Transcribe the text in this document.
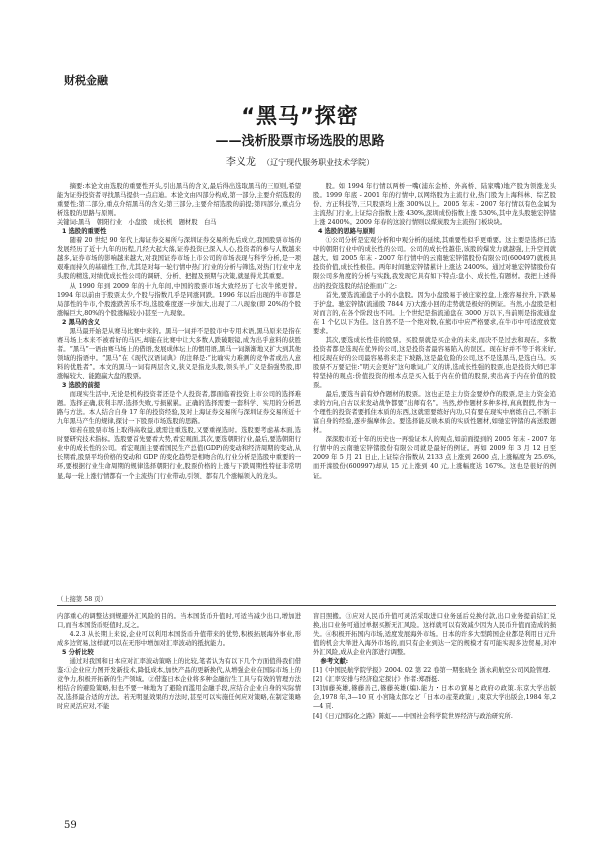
财税金融
“黑马”探密
——浅析股票市场选股的思路
李义龙 （辽宁现代服务职业技术学院）

摘要:本论文由选股的重要性开头,引出黑马的含义,最后得出选取黑马的三原则,希望能为证券投资者寻找黑马提供一点启迪。本论文由四部分构成,第一部分,主要介绍选股的重要性;第二部分,重点介绍黑马的含义;第三部分,主要介绍选股的前提;第四部分,重点分析选股的思路与原则。

关键词:黑马　朝阳行业　小盘股　成长机　题材股　白马

1 选股的重要性

随着 20 世纪 90 年代上海证券交易所与深圳证券交易所先后成立,我国股票市场的发展经历了近十九年的历程,几经大起大落,证券投资已深入人心,投资者的参与人数越来越多,证券市场的影响越来越大,对我国证券市场上市公司的市场表现与科学分析,是一项艰难而持久的基础性工作,尤其是对每一轮行情中热门行业的分析与筛选,对热门行业中龙头股的精选,对绩优成长性公司的调研、分析、把握及预期与决策,就显得尤其重要。

从 1990 年到 2009 年的十九年间,中国的股票市场大致经历了七次牛熊更替。1994 年以前由于股票太少,个股与指数几乎是同涨同跌。1996 年以后出现的牛市都是局部性的牛市,个股涨跌苦乐不均,选股难度逐一步加大,出现了二八现象(即 20%的个股涨幅巨大,80%的个股涨幅较小)甚至一九现象。

2 黑马的含义

黑马最开始是从赛马比赛中来的。黑马一词并不是股市中专用术语,黑马原来是指在赛马场上本来不被看好的马匹,却能在比赛中让大多数人跌破眼镜,成为出乎意料的获胜者。“黑马”一语由赛马场上的借语,发展成体坛上的惯用语,黑马一词渐渐地又扩大到其他领域的指语中。“黑马”在《现代汉语词典》的注释是:“比喻实力难测的竞争者或出人意料的优胜者”。本文的黑马一词有两层含义,狭义是指龙头股,领头羊,广义是指强势股,即涨幅较大、能跑赢大盘的股票。

3 选股的前提

而现实生活中,无论是机构投资者还是个人投资者,都面临着投资上市公司的选择难题。选择正确,获利丰厚;选择失败,亏损累累。正确的选择需要一套科学、实用的分析思路与方法。本人结合自身 17 年的投资经验,及对上海证券交易所与深圳证券交易所近十九年黑马产生的规律,探讨一下股票市场选股的思路。

如若在股票市场上取得高收益,就需注重选股,又要重视选时。选股要考虑基本面,选时要研究技术指标。选股要首先要看大势,看宏观面,其次,要选朝阳行业,最后,要选朝阳行业中的成长性的公司。看宏观面主要看国民生产总值(GDP)的变动和经济周期的变动,从长期看,股票平均价格的变动和 GDP 的变化趋势是相吻合的,行业分析是选股中重要的一环,要根据行业生命周期的规律选择朝阳行业,股票价格的上涨与下跌周期性特征非常明显,每一轮上涨行情都有一个主流热门行业带动,引领、都有几个涨幅领入的龙头。

股。如 1994 年行情以两桥一嘴(浦东金桥、外高桥、陆家嘴)地产股为领涨龙头股。1999 年底 - 2001 年的行情中,以网络股为主流行业,热门股为上海科林、综艺股份、方正科技等,三只股票均上涨 300%以上。2005 年末 - 2007 年行情以有色金属为主流热门行业,上证综合指数上涨 430%,深圳成份指数上涨 530%,其中龙头股驰宏锌锗上涨 2400%。2009 年春的这波行情则以煤炭股为主流热门板块块。

4 选股的思路与原则

①公司分析是宏观分析和中观分析的延续,其重要性似乎更重要。这主要是选择已选中的朝阳行业中的成长性的公司。公司的成长性越佳,该股的爆发力就越强,上升空间就越大。如 2005 年末 - 2007 年行情中的云南驰宏锌锗股份有限公司(600497)就极具投资价值,成长性极佳。两年时间驰宏锌锗累计上涨达 2400%。通过对驰宏锌锗股份有限公司多角度的分析与实践,我发现它具有如下特点:盘小、成长性,有题材。我把上述得出的投资选股的结论推而广之:

首先,要选流通盘子小的小盘股。因为小盘股易于被庄家控盘,上涨容易拉升,下跌易于护盘。驰宏锌锗(流通股 7844 万)大涨小回的走势就是极好的例证。当然,小盘股是相对而言的,在各个阶段也不同。上个世纪是指流通盘在 3000 万以下,当前则是指流通盘在 1 个亿以下为佳。这自然不是一个绝对数,在熊市中应严格要求,在牛市中可适度放宽要求。

其次,要选成长性佳的股票。买股票就是买企业的未来,而决不是过去和现在。多数投资者都是选现在优异的公司,这是投资者最容易陷入的误区。现在好并不等于将来好,相反现在好的公司最容易将来走下坡路,这是最危险的公司,这不是选黑马,是选白马。买股票不万要记住:“明天会更好”这句歌词,广义的讲,选成长性强的股票,也是投资大师巴菲特坚持的观点:价值投资的根本点是买入低于内在价值的股票,卖出高于内在价值的股票。

最后,要选当前有炒作题材的股票。这也正是主力资金要炒作的股票,是主力资金追求的方向,自古以来发动战争都要“出师有名”。当然,炒作题材多种多样,真真假假,作为一个理性的投资者要抓住本质的东西,这就需要练好内功,只有要在现实中磨练自己,不断丰富自身的经验,逐步揣摩体会。要选择能反映本质的实质性题材,如驰宏锌锗的高送股题材。

深深股市近十年的历史也一再验证本人的观点,如前面提到的 2005 年末 - 2007 年行情中的云南驰宏锌锗股份有限公司就是最好的例证。再如 2009 年 3 月 12 日至 2009 年 5 月 21 日止,上证综合指数从 2133 点上涨到 2600 点,上涨幅度为 25.6%,而开滦股份(600997)却从 15 元上涨到 40 元,上涨幅度达 167%。这也是很好的例证。

（上接第 58 页）

内部重心的调整达到规避外汇风险的目的。当本国货币升值时,可适当减少出口,增加进口,而当本国货币贬值时,反之。

4.2.3 从长期上来说,企业可以利用本国货币升值带来的优势,积极拓展海外事业,形成多边贸易,这样就可以在无形中增加对汇率波动的抵抗能力。

5 分析比较

通过对我国和日本应对汇率波动策略上的比较,笔者认为有以下几个方面值得我们借鉴:①企业应力图开发新技术,降低成本,加快产品的更新换代,从增强企业在国际市场上的竞争力,积极开拓新的生产领域。②借鉴日本企业将多种金融衍生工具与有效的管理方法相结合的避险策略,但也不要一味地为了避险而滥用金融手段,应结合企业自身的实际情况,选择最合适的方法。若无明显效果的方法时,甚至可以实施任何应对策略,在制定策略时应灵活应对,不能

盲目照搬。③应对人民币升值可灵活采取进口业务延后兑换付款,出口业务提前结汇兑换,出口业务可通过单据买断无汇风险。这样就可以有效减少因为人民币升值而造成的损失。④积极开拓国内市场,适度发展海外市场。日本的许多大型跨国企业都是利用日元升值的机会大举进入海外市场的,而只有企业到达一定的规模才有可能实现多边贸易,对冲外汇风险,成从企业内部进行调整。

参考文献:

[1]《中国民航学院学报》2004. 02 第 22 卷第一期张晓全 浙永莉航空公司风险管理.

[2]《汇率安排与经济稳定探讨》作者:郑群挺.

[3]加藤英雄,篠藤善己,篠藤英雄(编).能力・日本の貿易と政府の政策.东京大学出版会,1978 年,3—10 頁 小宮隆太郎など「日本の産業政策」,東京大学出版会,1984 年,2—4 頁.

[4]《日元国际化之路》陈虹——中国社会科学院世界经济与政治研究所.

59
